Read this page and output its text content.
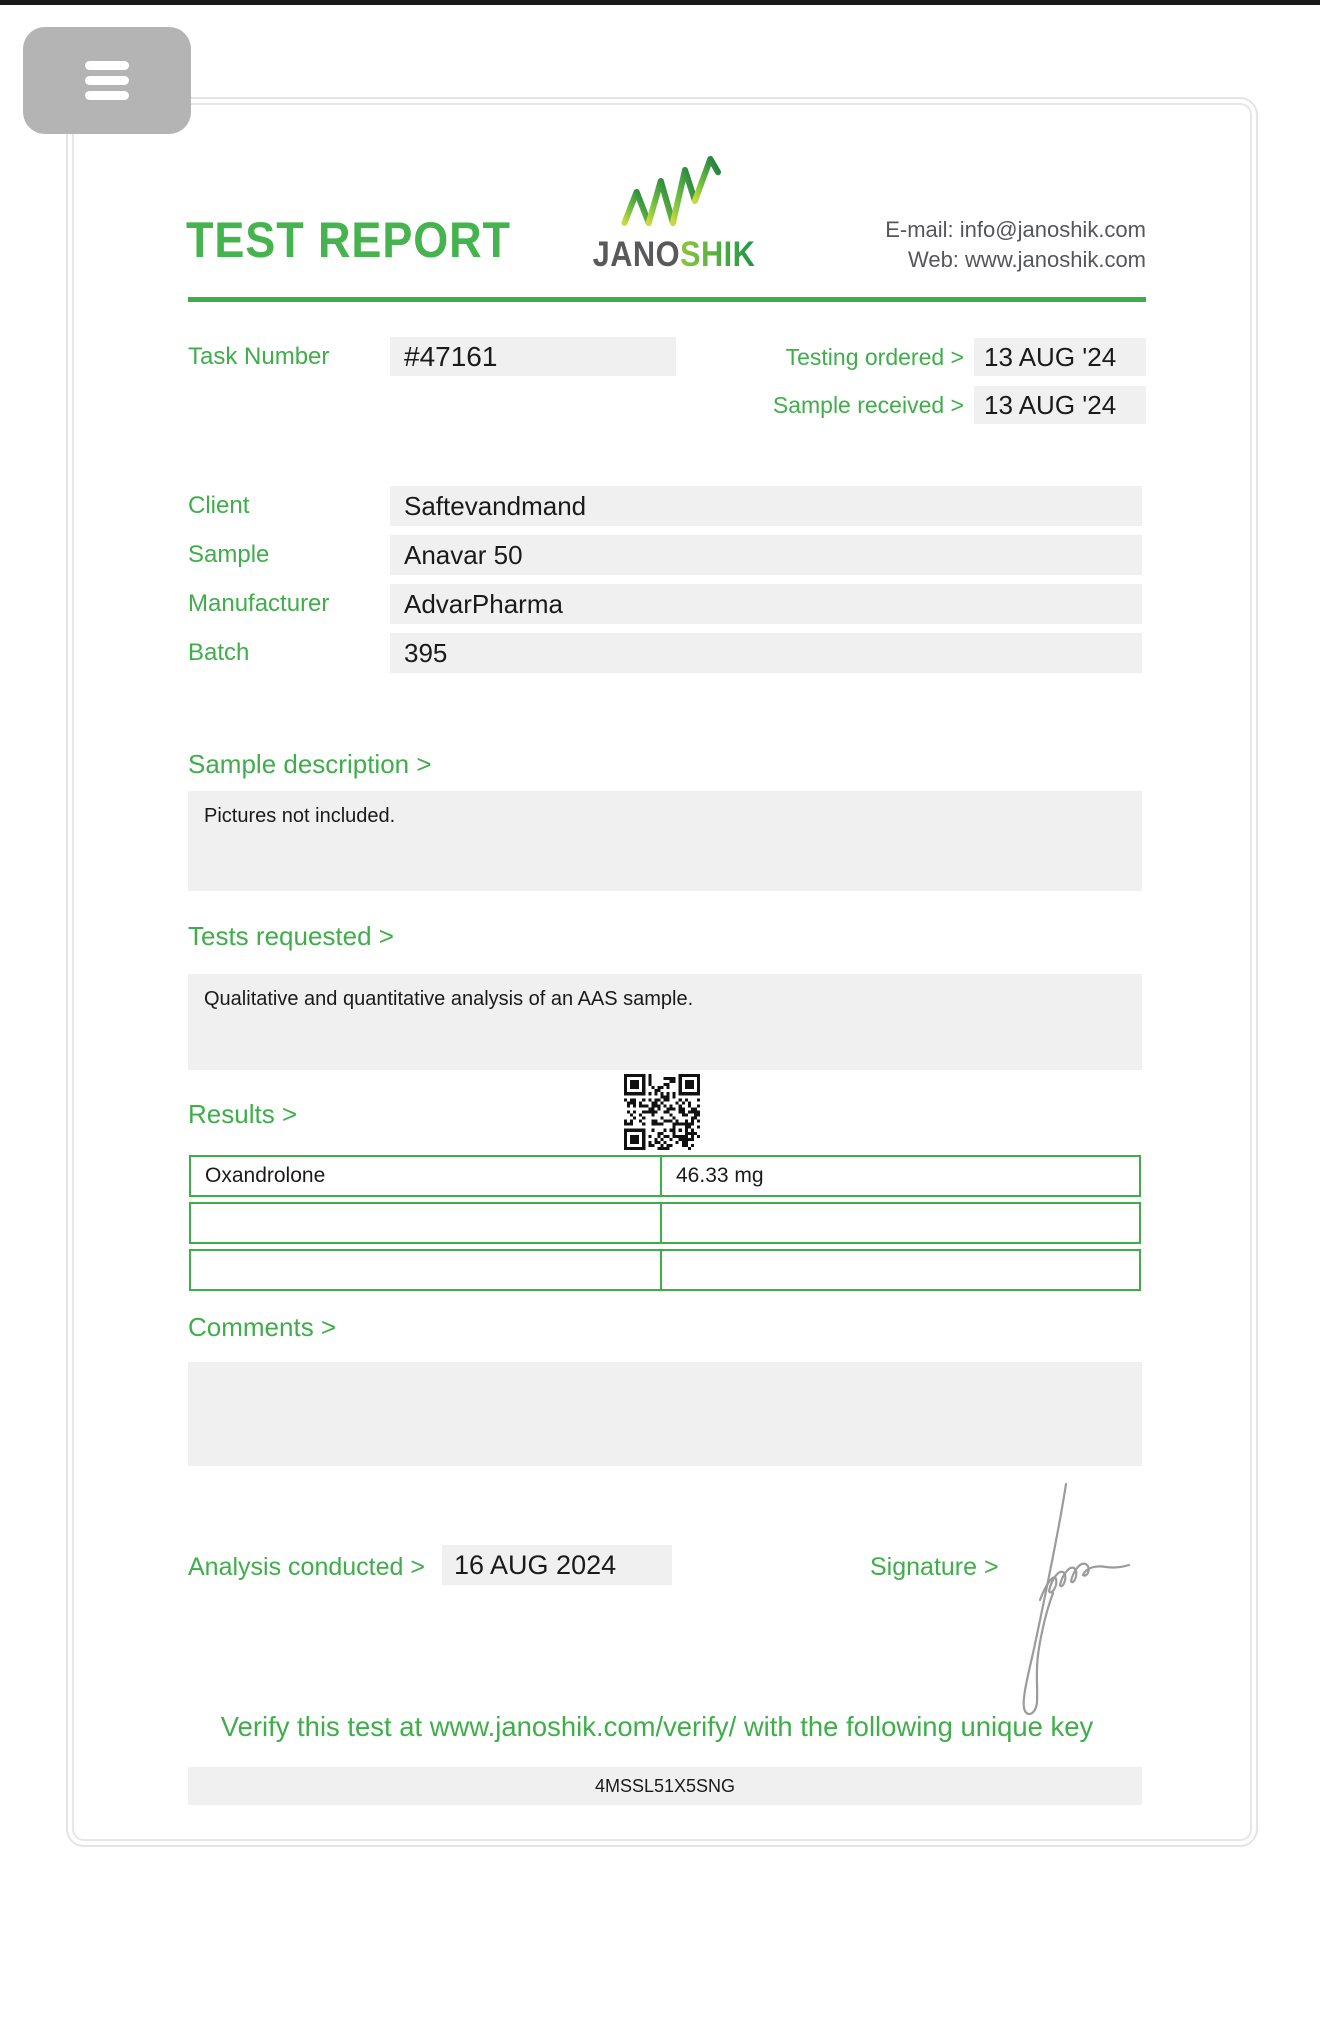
TEST REPORT JANOSHIK
E-mail: info@janoshik.com
Web: www.janoshik.com
Task Number	#47161	Testing ordered > 13 AUG '24
Sample received > 13 AUG '24
Client	Saftevandmand
Sample	Anavar 50
Manufacturer	AdvarPharma
Batch	395
Sample description >
Pictures not included.
Tests requested >
Qualitative and quantitative analysis of an AAS sample.
Results >
Oxandrolone	46.33 mg
Comments >
Analysis conducted >	16 AUG 2024	Signature >
Verify this test at www.janoshik.com/verify/ with the following unique key
4MSSL51X5SNG
